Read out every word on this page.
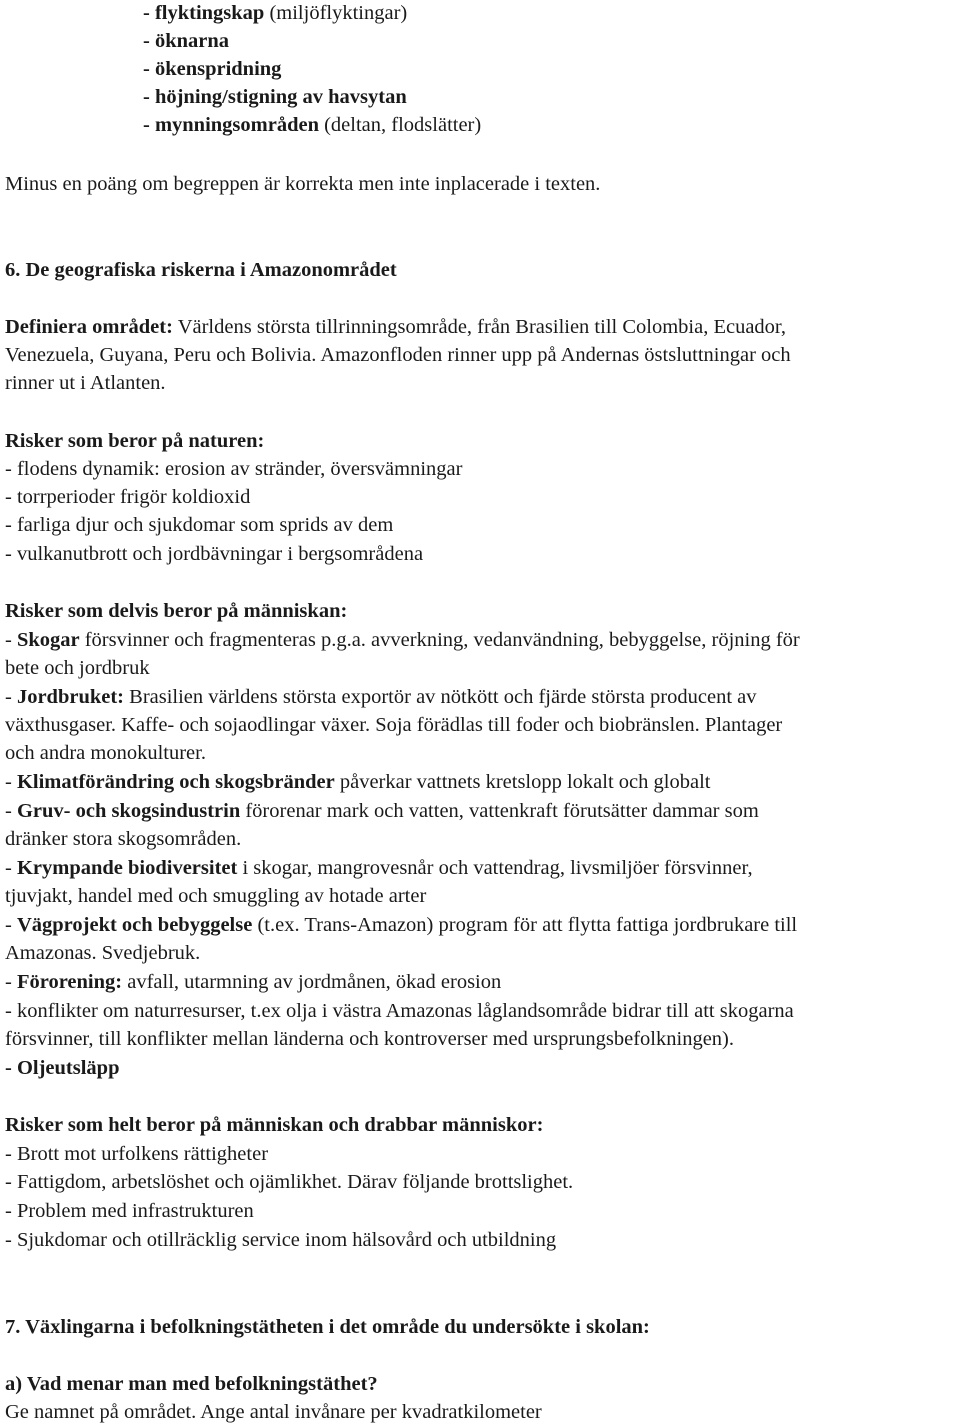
- flyktingskap (miljöflyktingar)
- öknarna
- ökenspridning
- höjning/stigning av havsytan
- mynningsområden (deltan, flodslätter)
Minus en poäng om begreppen är korrekta men inte inplacerade i texten.
6. De geografiska riskerna i Amazonområdet
Definiera området: Världens största tillrinningsområde, från Brasilien till Colombia, Ecuador,
Venezuela, Guyana, Peru och Bolivia. Amazonfloden rinner upp på Andernas östsluttningar och
rinner ut i Atlanten.
Risker som beror på naturen:
- flodens dynamik: erosion av stränder, översvämningar
- torrperioder frigör koldioxid
- farliga djur och sjukdomar som sprids av dem
- vulkanutbrott och jordbävningar i bergsområdena
Risker som delvis beror på människan:
- Skogar försvinner och fragmenteras p.g.a. avverkning, vedanvändning, bebyggelse, röjning för
bete och jordbruk
- Jordbruket: Brasilien världens största exportör av nötkött och fjärde största producent av
växthusgaser. Kaffe- och sojaodlingar växer. Soja förädlas till foder och biobränslen. Plantager
och andra monokulturer.
- Klimatförändring och skogsbränder påverkar vattnets kretslopp lokalt och globalt
- Gruv- och skogsindustrin förorenar mark och vatten, vattenkraft förutsätter dammar som
dränker stora skogsområden.
- Krympande biodiversitet i skogar, mangrovesnår och vattendrag, livsmiljöer försvinner,
tjuvjakt, handel med och smuggling av hotade arter
- Vägprojekt och bebyggelse (t.ex. Trans-Amazon) program för att flytta fattiga jordbrukare till
Amazonas. Svedjebruk.
- Förorening: avfall, utarmning av jordmånen, ökad erosion
- konflikter om naturresurser, t.ex olja i västra Amazonas låglandsområde bidrar till att skogarna
försvinner, till konflikter mellan länderna och kontroverser med ursprungsbefolkningen).
- Oljeutsläpp
Risker som helt beror på människan och drabbar människor:
- Brott mot urfolkens rättigheter
- Fattigdom, arbetslöshet och ojämlikhet. Därav följande brottslighet.
- Problem med infrastrukturen
- Sjukdomar och otillräcklig service inom hälsovård och utbildning
7. Växlingarna i befolkningstätheten i det område du undersökte i skolan:
a) Vad menar man med befolkningstäthet?
Ge namnet på området. Ange antal invånare per kvadratkilometer
